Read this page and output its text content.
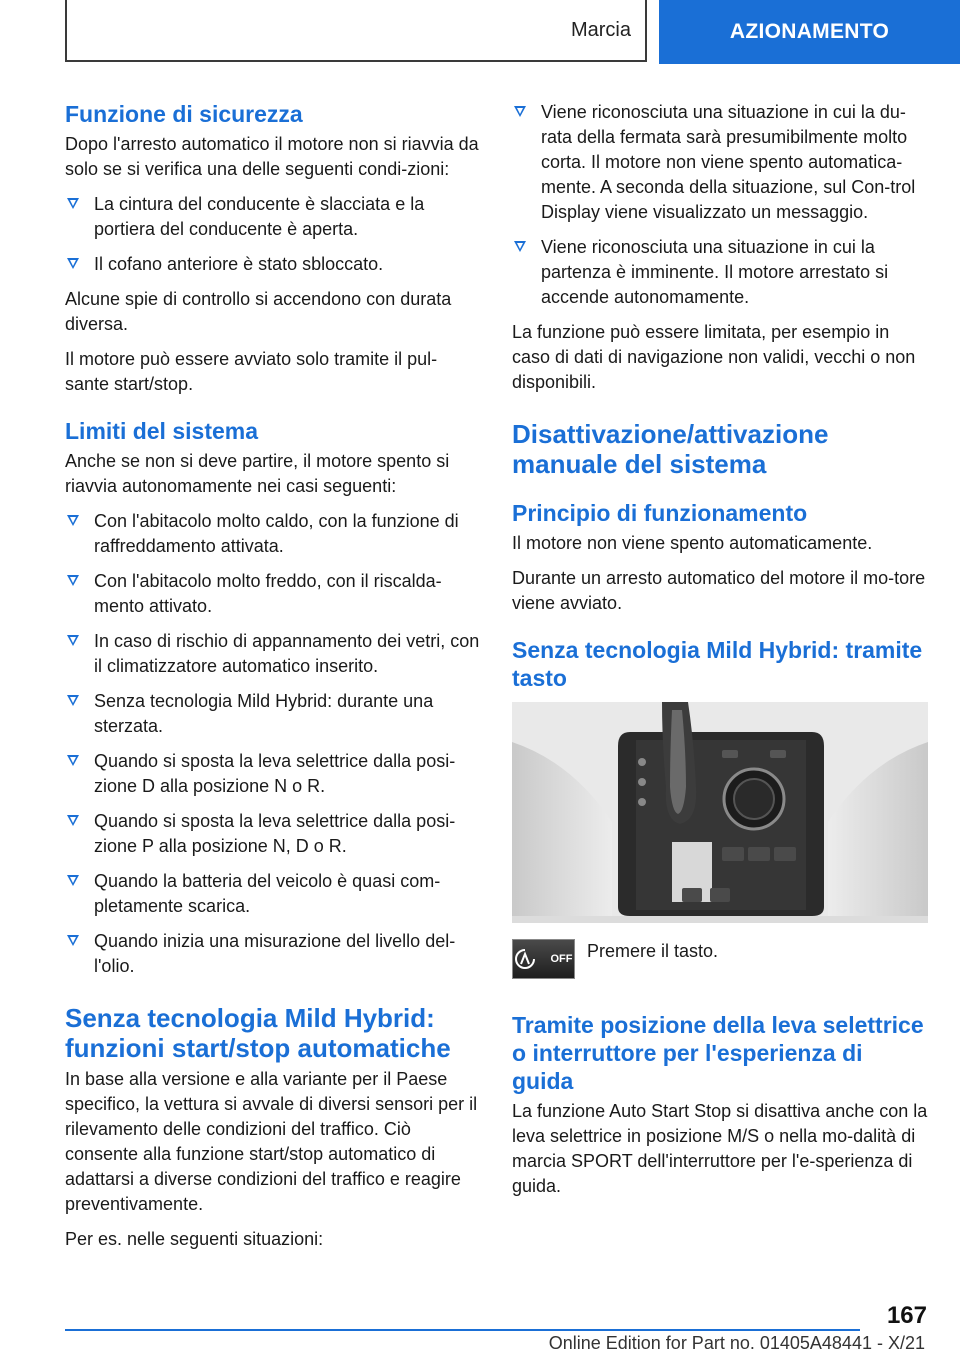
Marcia	AZIONAMENTO
Funzione di sicurezza

Dopo l'arresto automatico il motore non si riavvia da solo se si verifica una delle seguenti condi-zioni:

La cintura del conducente è slacciata e la portiera del conducente è aperta.
Il cofano anteriore è stato sbloccato.

Alcune spie di controllo si accendono con durata diversa.

Il motore può essere avviato solo tramite il pul-sante start/stop.

Limiti del sistema

Anche se non si deve partire, il motore spento si riavvia autonomamente nei casi seguenti:

Con l'abitacolo molto caldo, con la funzione di raffreddamento attivata.
Con l'abitacolo molto freddo, con il riscalda-mento attivato.
In caso di rischio di appannamento dei vetri, con il climatizzatore automatico inserito.
Senza tecnologia Mild Hybrid: durante una sterzata.
Quando si sposta la leva selettrice dalla posi-zione D alla posizione N o R.
Quando si sposta la leva selettrice dalla posi-zione P alla posizione N, D o R.
Quando la batteria del veicolo è quasi com-pletamente scarica.
Quando inizia una misurazione del livello del-l'olio.
Senza tecnologia Mild Hybrid: funzioni start/stop automatiche

In base alla versione e alla variante per il Paese specifico, la vettura si avvale di diversi sensori per il rilevamento delle condizioni del traffico. Ciò consente alla funzione start/stop automatico di adattarsi a diverse condizioni del traffico e reagire preventivamente.

Per es. nelle seguenti situazioni:

Viene riconosciuta una situazione in cui la du-rata della fermata sarà presumibilmente molto corta. Il motore non viene spento automatica-mente. A seconda della situazione, sul Con-trol Display viene visualizzato un messaggio.
Viene riconosciuta una situazione in cui la partenza è imminente. Il motore arrestato si accende autonomamente.

La funzione può essere limitata, per esempio in caso di dati di navigazione non validi, vecchi o non disponibili.

Disattivazione/attivazione manuale del sistema
Principio di funzionamento

Il motore non viene spento automaticamente.

Durante un arresto automatico del motore il mo-tore viene avviato.

Senza tecnologia Mild Hybrid: tramite tasto
OFF Premere il tasto.
Tramite posizione della leva selettrice o interruttore per l'esperienza di guida

La funzione Auto Start Stop si disattiva anche con la leva selettrice in posizione M/S o nella mo-dalità di marcia SPORT dell'interruttore per l'e-sperienza di guida.

167
Online Edition for Part no. 01405A48441 - X/21
